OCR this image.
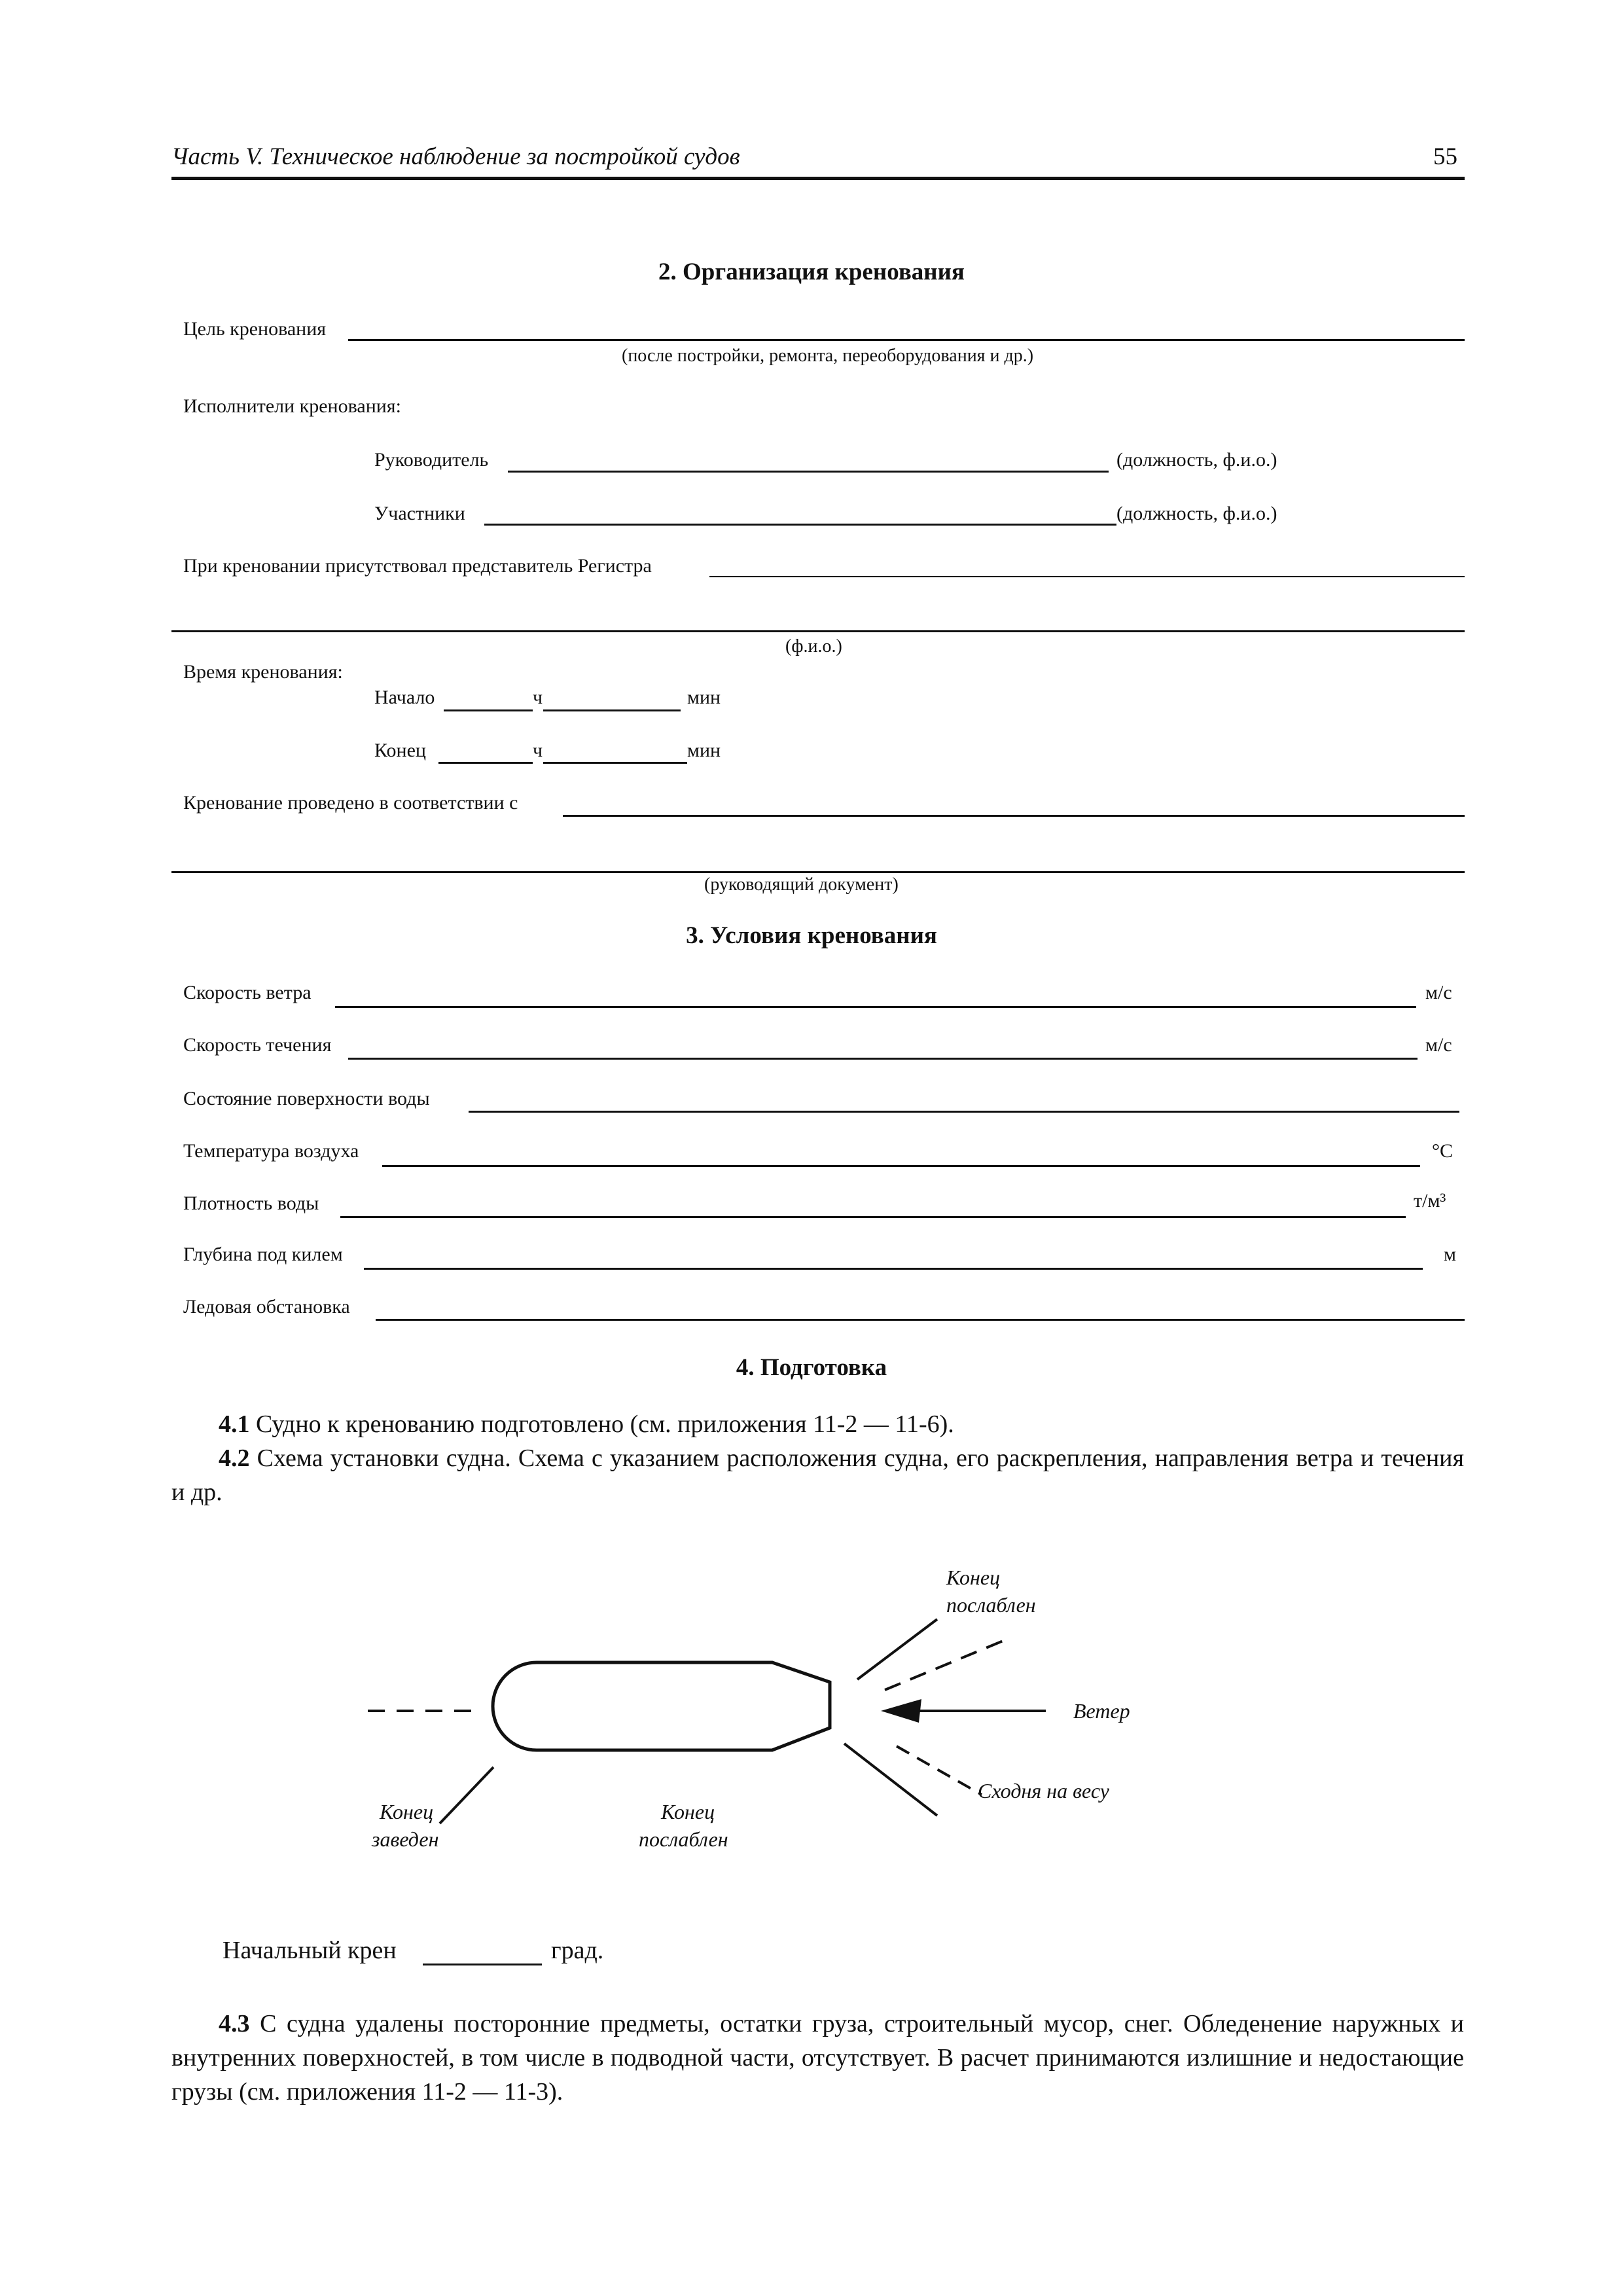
Часть V. Техническое наблюдение за постройкой судов	55
2. Организация кренования
Цель кренования
(после постройки, ремонта, переоборудования и др.)
Исполнители кренования:
Руководитель	(должность, ф.и.о.)
Участники	(должность, ф.и.о.)
При креновании присутствовал представитель Регистра
(ф.и.о.)
Время кренования:
Начало	ч	мин
Конец	ч	мин
Кренование проведено в соответствии с
(руководящий документ)
3. Условия кренования
Скорость ветра	м/с
Скорость течения	м/с
Состояние поверхности воды
Температура воздуха	°С
Плотность воды	т/м³
Глубина под килем	м
Ледовая обстановка
4. Подготовка
4.1 Судно к кренованию подготовлено (см. приложения 11-2 — 11-6).
4.2 Схема установки судна. Схема с указанием расположения судна, его раскрепления, направления ветра и течения и др.
Конец
послаблен
Ветер
Сходня на весу
Конец
заведен
Конец
послаблен
Начальный крен	град.
4.3 С судна удалены посторонние предметы, остатки груза, строительный мусор, снег. Обледенение наружных и внутренних поверхностей, в том числе в подводной части, отсутствует. В расчет принимаются излишние и недостающие грузы (см. приложения 11-2 — 11-3).
